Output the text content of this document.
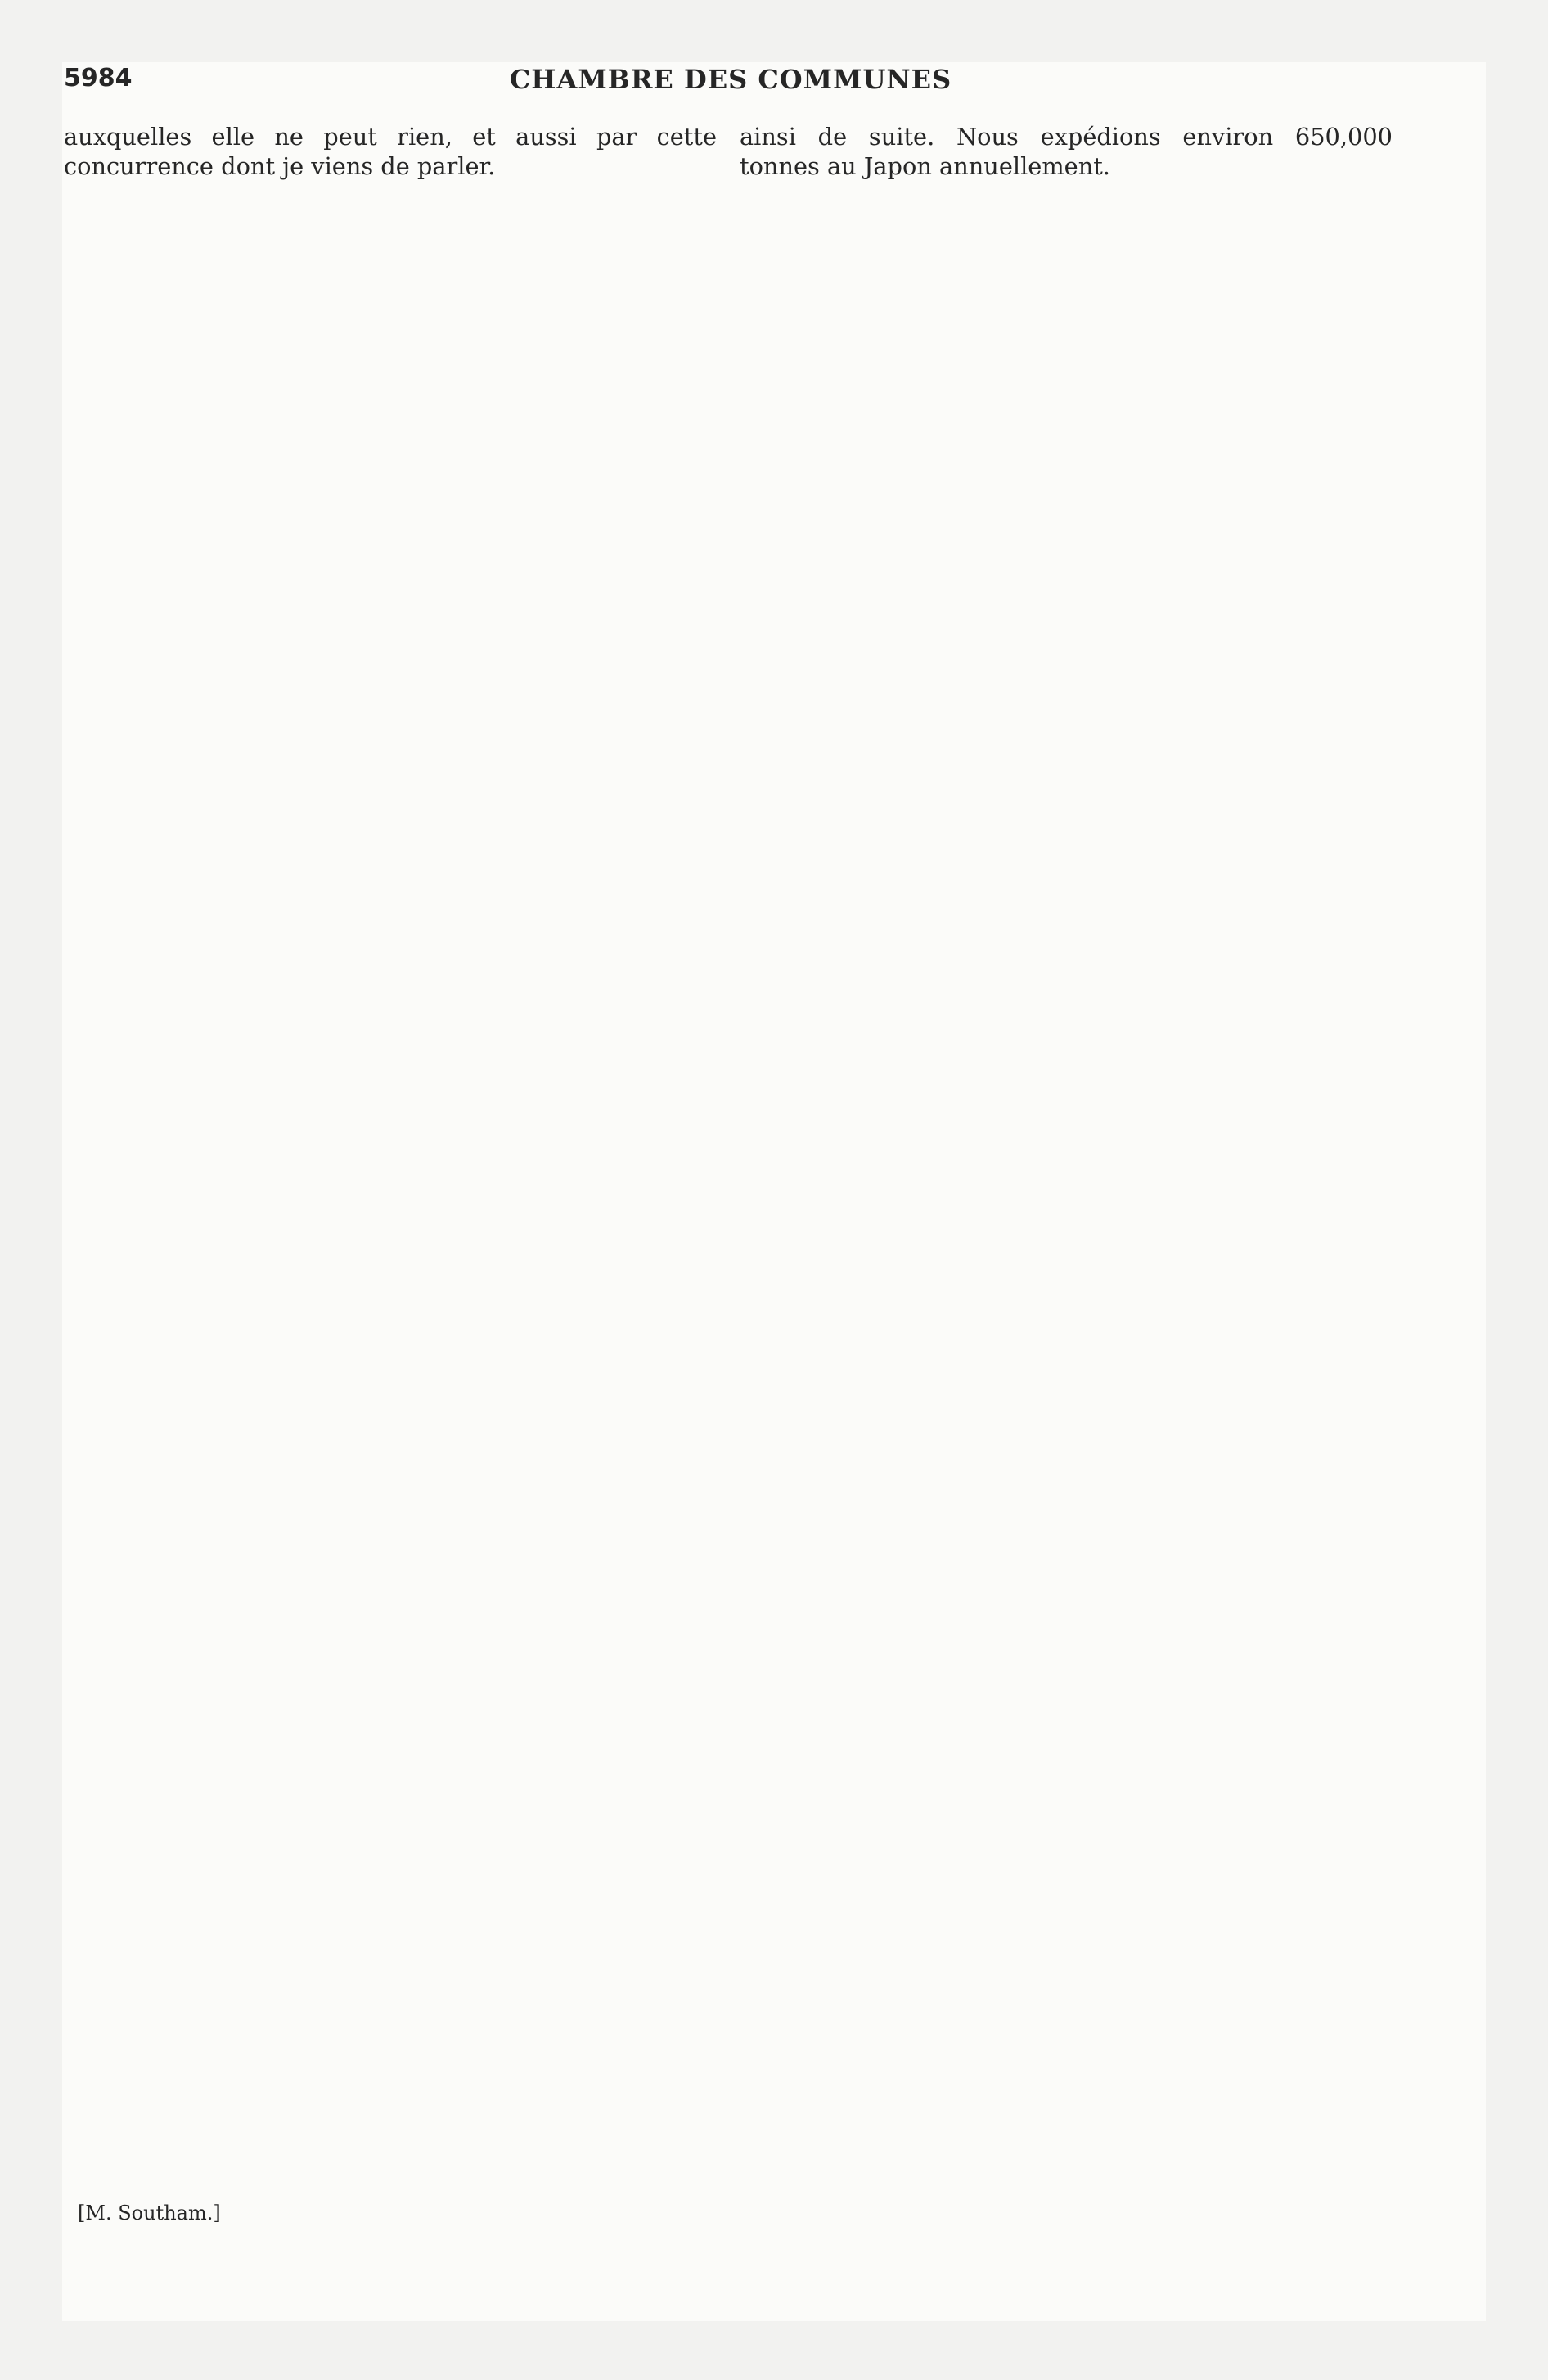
5984	CHAMBRE DES COMMUNES

auxquelles elle ne peut rien, et aussi par cette concurrence dont je viens de parler.

ainsi de suite. Nous expédions environ 650,000 tonnes au Japon annuellement.

[M. Southam.]
